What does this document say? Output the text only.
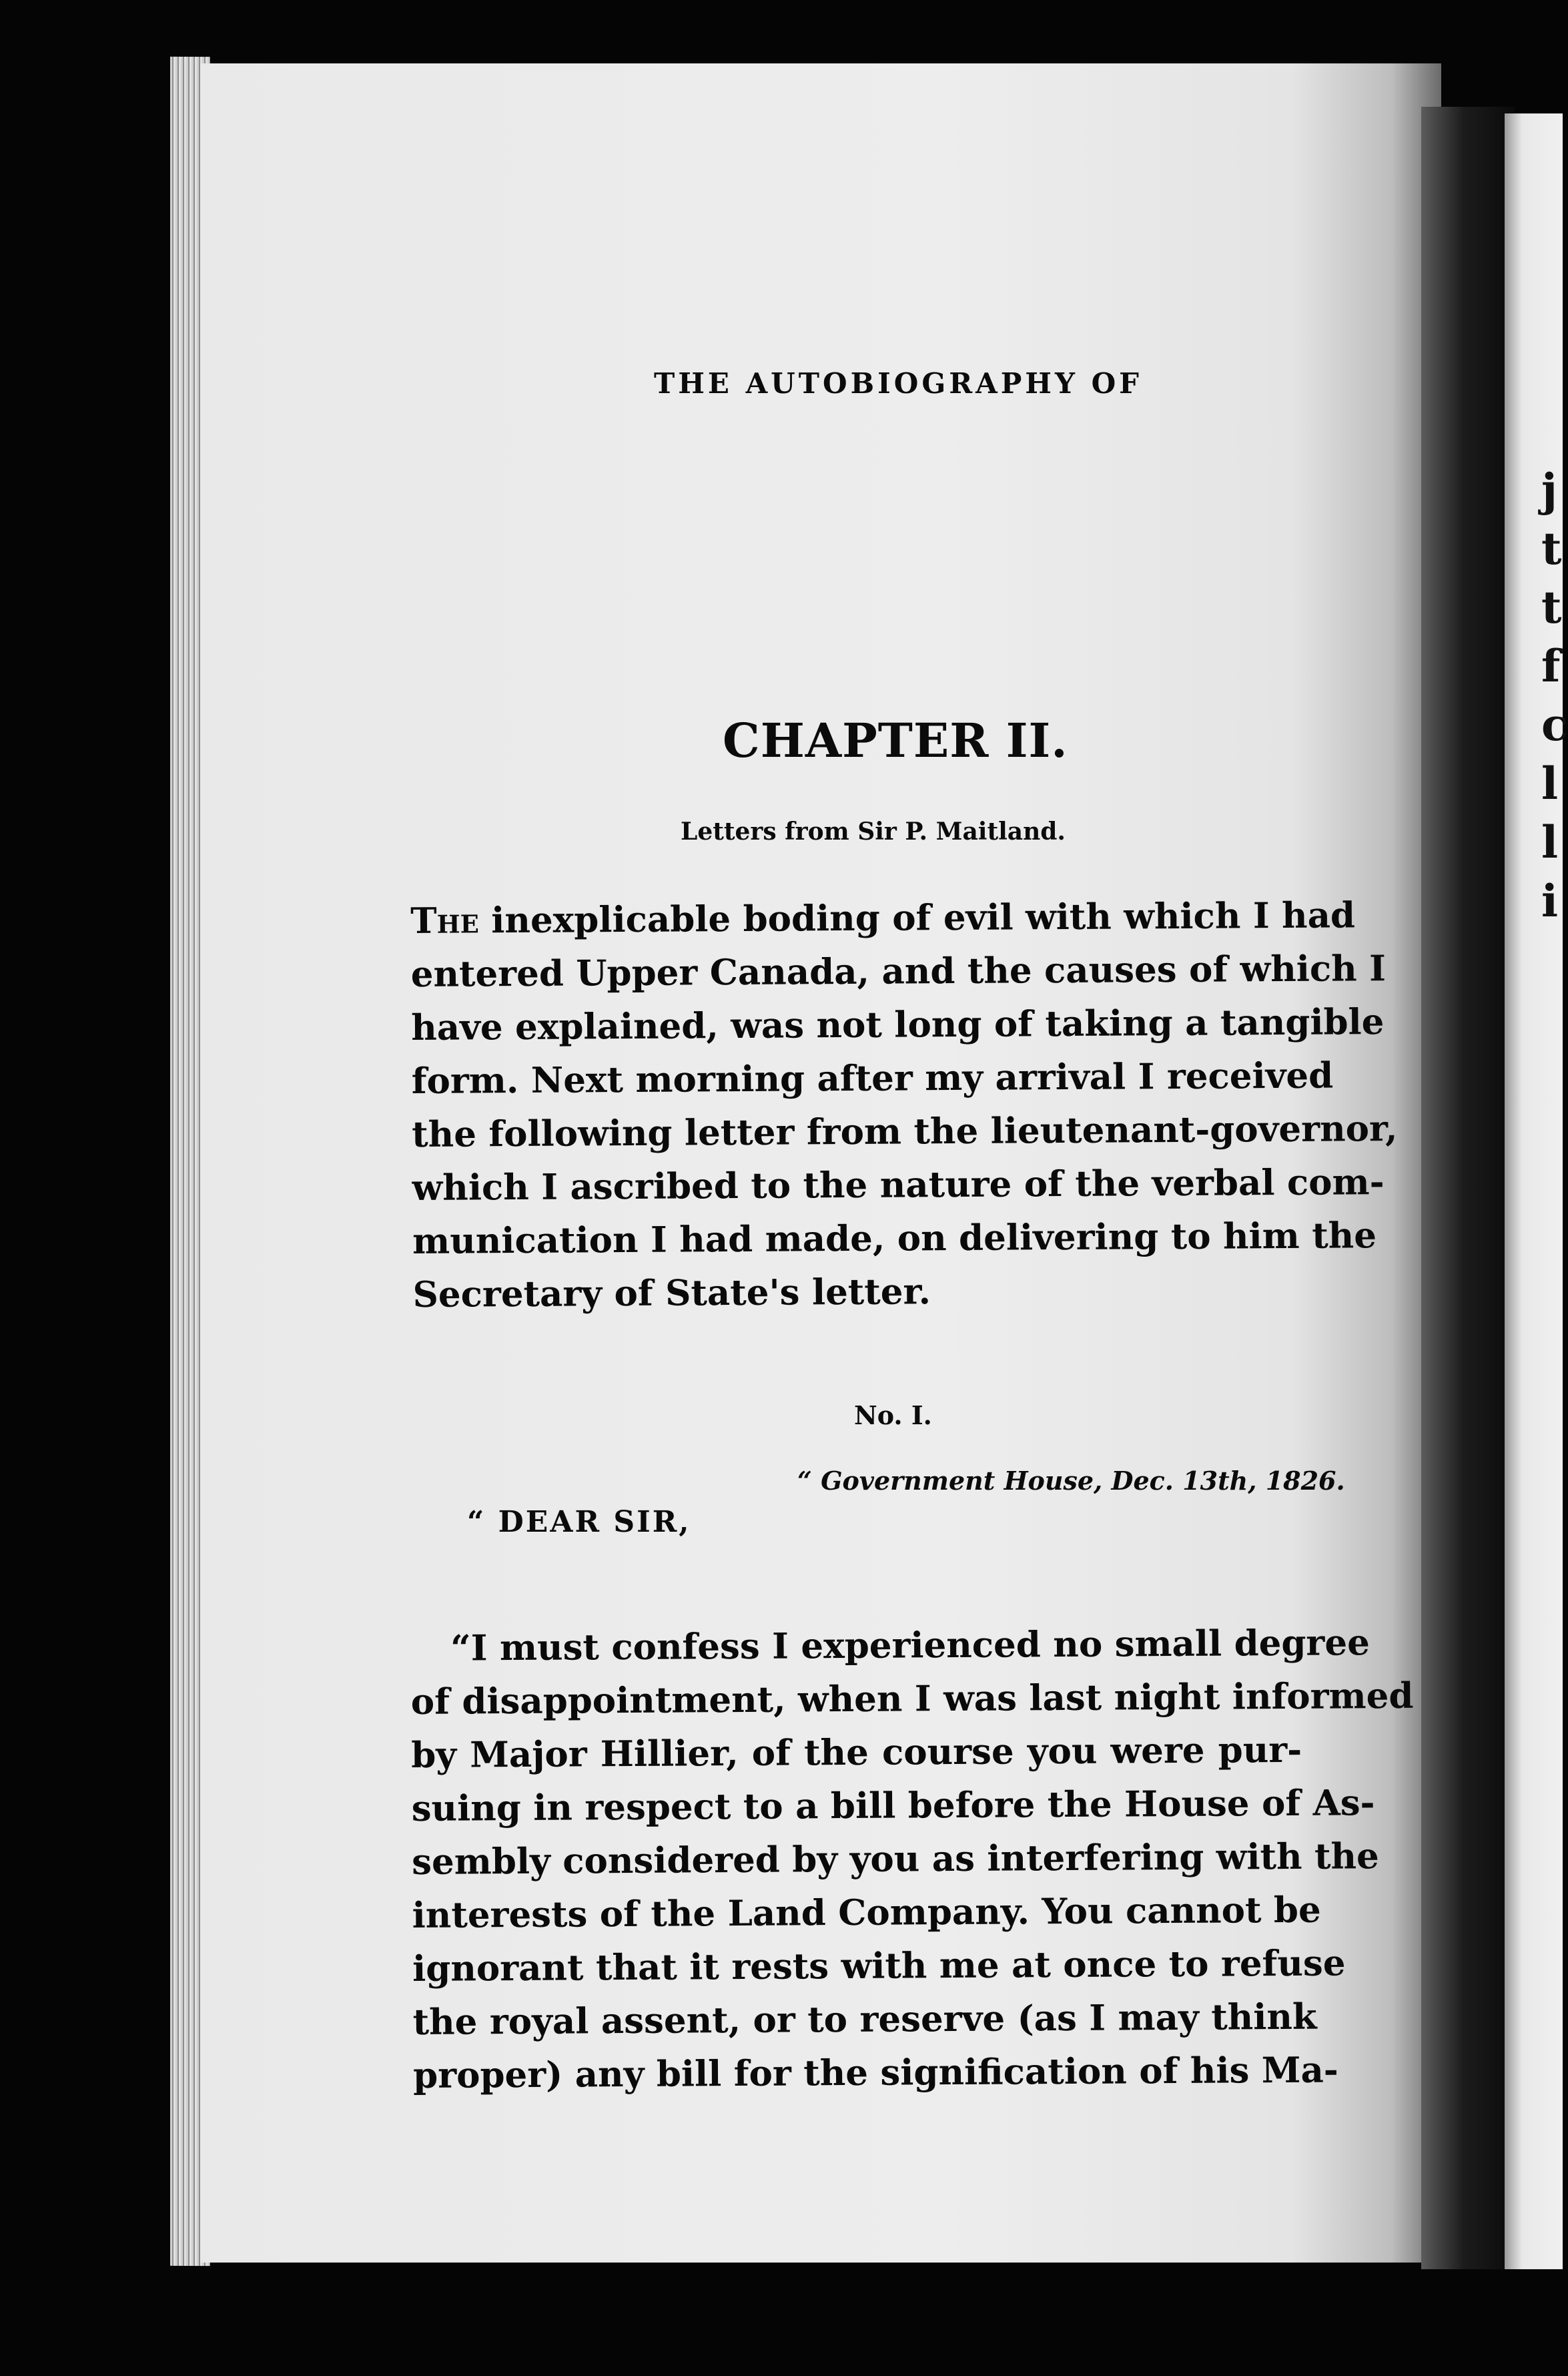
j
t
t
f
c
l
l
i
THE AUTOBIOGRAPHY OF
CHAPTER II.
Letters from Sir P. Maitland.
The inexplicable boding of evil with which I had
entered Upper Canada, and the causes of which I
have explained, was not long of taking a tangible
form. Next morning after my arrival I received
the following letter from the lieutenant-governor,
which I ascribed to the nature of the verbal com-
munication I had made, on delivering to him the
Secretary of State's letter.
No. I.
“ Government House, Dec. 13th, 1826.
“ DEAR SIR,
“I must confess I experienced no small degree
of disappointment, when I was last night informed
by Major Hillier, of the course you were pur-
suing in respect to a bill before the House of As-
sembly considered by you as interfering with the
interests of the Land Company. You cannot be
ignorant that it rests with me at once to refuse
the royal assent, or to reserve (as I may think
proper) any bill for the signification of his Ma-
